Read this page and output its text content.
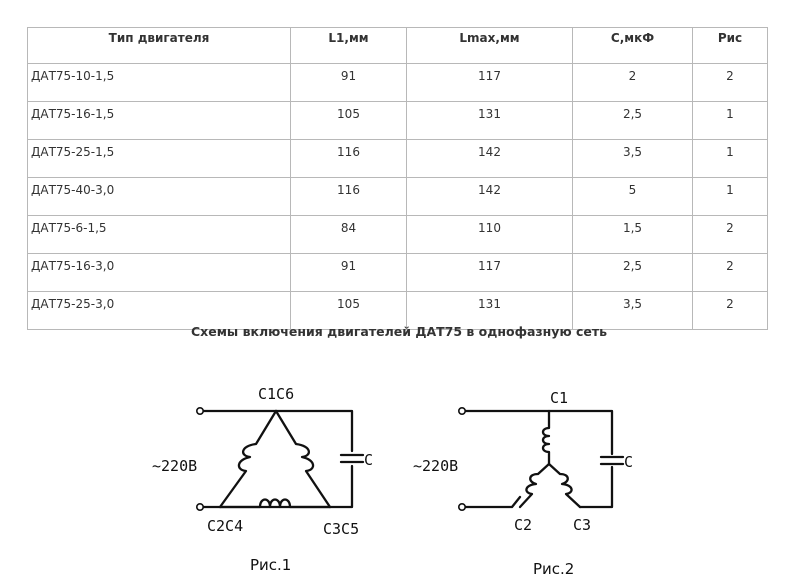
Тип двигателя	L1,мм	Lmax,мм	C,мкФ	Рис
ДАТ75-10-1,5	91	117	2	2
ДАТ75-16-1,5	105	131	2,5	1
ДАТ75-25-1,5	116	142	3,5	1
ДАТ75-40-3,0	116	142	5	1
ДАТ75-6-1,5	84	110	1,5	2
ДАТ75-16-3,0	91	117	2,5	2
ДАТ75-25-3,0	105	131	3,5	2
Схемы включения двигателей ДАТ75 в однофазную сеть
С1С6
С2С4	С3С5
С
~220В
Рис.1
С1
С2	С3
С
~220В
Рис.2
